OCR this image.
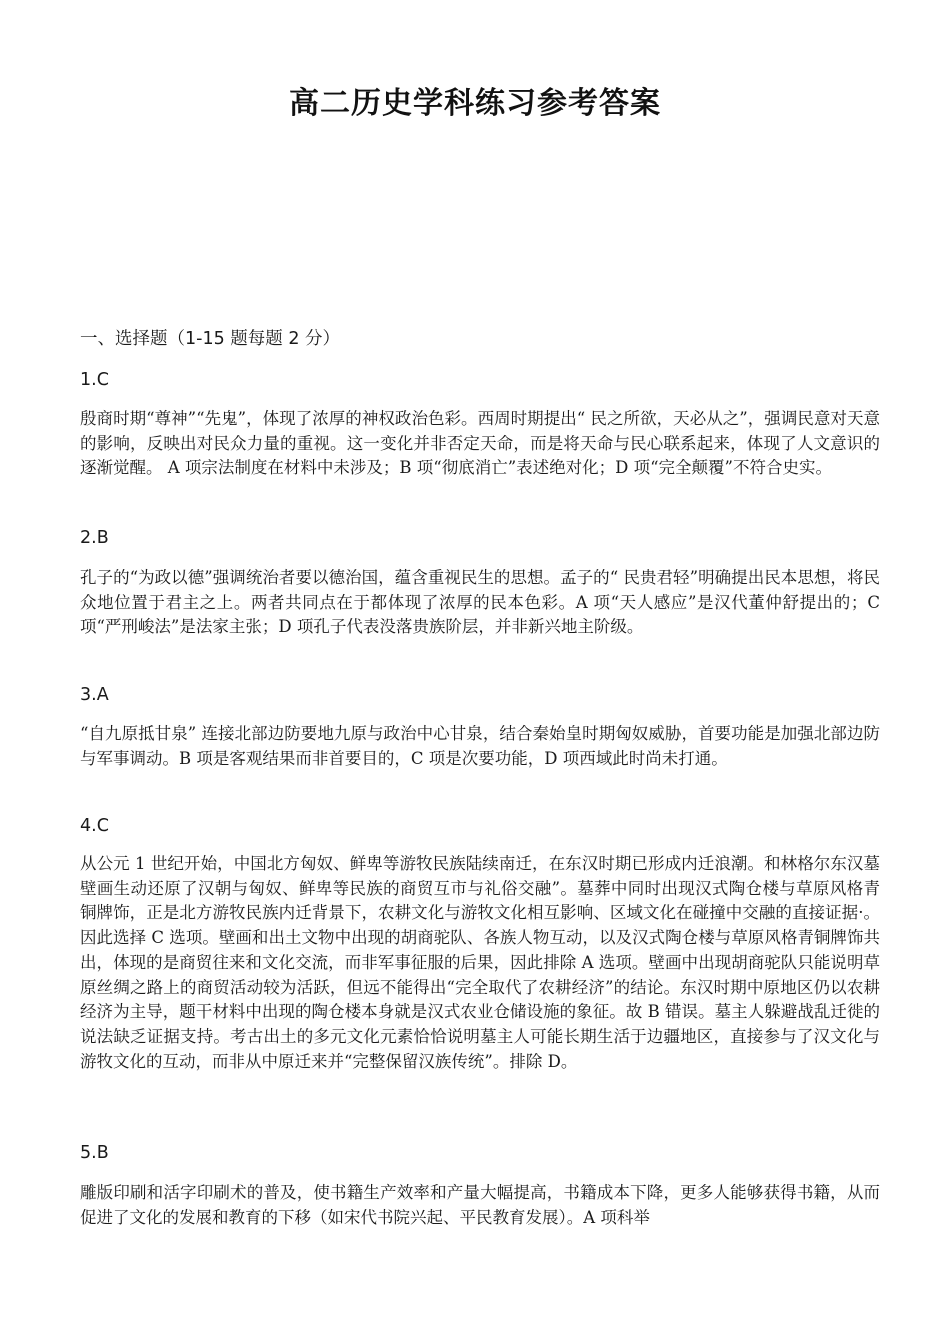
高二历史学科练习参考答案
一、选择题（1-15 题每题 2 分）
1.C
殷商时期“尊神”“先鬼”，体现了浓厚的神权政治色彩。西周时期提出“ 民之所欲，天必从之”，强调民意对天意的影响，反映出对民众力量的重视。这一变化并非否定天命，而是将天命与民心联系起来，体现了人文意识的逐渐觉醒。 A 项宗法制度在材料中未涉及；B 项“彻底消亡”表述绝对化；D 项“完全颠覆”不符合史实。
2.B
孔子的“为政以德”强调统治者要以德治国，蕴含重视民生的思想。孟子的“ 民贵君轻”明确提出民本思想，将民众地位置于君主之上。两者共同点在于都体现了浓厚的民本色彩。A 项“天人感应”是汉代董仲舒提出的；C 项“严刑峻法”是法家主张；D 项孔子代表没落贵族阶层，并非新兴地主阶级。
3.A
“自九原抵甘泉” 连接北部边防要地九原与政治中心甘泉，结合秦始皇时期匈奴威胁，首要功能是加强北部边防与军事调动。B 项是客观结果而非首要目的，C 项是次要功能，D 项西域此时尚未打通。
4.C
从公元 1 世纪开始，中国北方匈奴、鲜卑等游牧民族陆续南迁，在东汉时期已形成内迁浪潮。和林格尔东汉墓壁画生动还原了汉朝与匈奴、鲜卑等民族的商贸互市与礼俗交融”。墓葬中同时出现汉式陶仓楼与草原风格青铜牌饰，正是北方游牧民族内迁背景下，农耕文化与游牧文化相互影响、区域文化在碰撞中交融的直接证据·。因此选择 C 选项。壁画和出土文物中出现的胡商驼队、各族人物互动，以及汉式陶仓楼与草原风格青铜牌饰共出，体现的是商贸往来和文化交流，而非军事征服的后果，因此排除 A 选项。壁画中出现胡商驼队只能说明草原丝绸之路上的商贸活动较为活跃，但远不能得出“完全取代了农耕经济”的结论。东汉时期中原地区仍以农耕经济为主导，题干材料中出现的陶仓楼本身就是汉式农业仓储设施的象征。故 B 错误。墓主人躲避战乱迁徙的说法缺乏证据支持。考古出土的多元文化元素恰恰说明墓主人可能长期生活于边疆地区，直接参与了汉文化与游牧文化的互动，而非从中原迁来并“完整保留汉族传统”。排除 D。
5.B
雕版印刷和活字印刷术的普及，使书籍生产效率和产量大幅提高，书籍成本下降，更多人能够获得书籍，从而促进了文化的发展和教育的下移（如宋代书院兴起、平民教育发展）。A 项科举
